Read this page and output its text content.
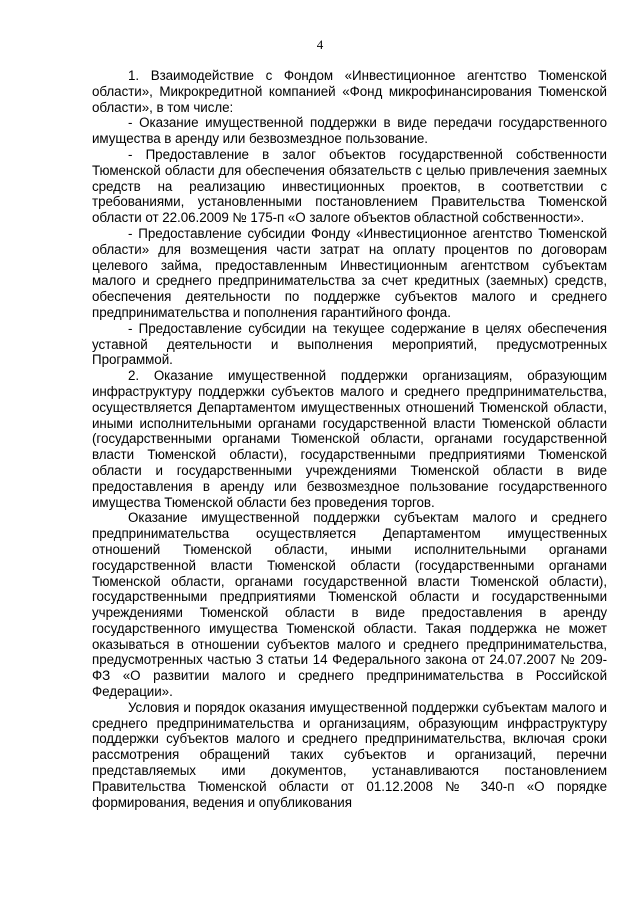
4

1. Взаимодействие с Фондом «Инвестиционное агентство Тюменской области», Микрокредитной компанией «Фонд микрофинансирования Тюменской области», в том числе:

- Оказание имущественной поддержки в виде передачи государственного имущества в аренду или безвозмездное пользование.

- Предоставление в залог объектов государственной собственности Тюменской области для обеспечения обязательств с целью привлечения заемных средств на реализацию инвестиционных проектов, в соответствии с требованиями, установленными постановлением Правительства Тюменской области от 22.06.2009 № 175-п «О залоге объектов областной собственности».

- Предоставление субсидии Фонду «Инвестиционное агентство Тюменской области» для возмещения части затрат на оплату процентов по договорам целевого займа, предоставленным Инвестиционным агентством субъектам малого и среднего предпринимательства за счет кредитных (заемных) средств, обеспечения деятельности по поддержке субъектов малого и среднего предпринимательства и пополнения гарантийного фонда.

- Предоставление субсидии на текущее содержание в целях обеспечения уставной деятельности и выполнения мероприятий, предусмотренных Программой.

2. Оказание имущественной поддержки организациям, образующим инфраструктуру поддержки субъектов малого и среднего предпринимательства, осуществляется Департаментом имущественных отношений Тюменской области, иными исполнительными органами государственной власти Тюменской области (государственными органами Тюменской области, органами государственной власти Тюменской области), государственными предприятиями Тюменской области и государственными учреждениями Тюменской области в виде предоставления в аренду или безвозмездное пользование государственного имущества Тюменской области без проведения торгов.

Оказание имущественной поддержки субъектам малого и среднего предпринимательства осуществляется Департаментом имущественных отношений Тюменской области, иными исполнительными органами государственной власти Тюменской области (государственными органами Тюменской области, органами государственной власти Тюменской области), государственными предприятиями Тюменской области и государственными учреждениями Тюменской области в виде предоставления в аренду государственного имущества Тюменской области. Такая поддержка не может оказываться в отношении субъектов малого и среднего предпринимательства, предусмотренных частью 3 статьи 14 Федерального закона от 24.07.2007 № 209-ФЗ «О развитии малого и среднего предпринимательства в Российской Федерации».

Условия и порядок оказания имущественной поддержки субъектам малого и среднего предпринимательства и организациям, образующим инфраструктуру поддержки субъектов малого и среднего предпринимательства, включая сроки рассмотрения обращений таких субъектов и организаций, перечни представляемых ими документов, устанавливаются постановлением Правительства Тюменской области от 01.12.2008 № 340-п «О порядке формирования, ведения и опубликования
